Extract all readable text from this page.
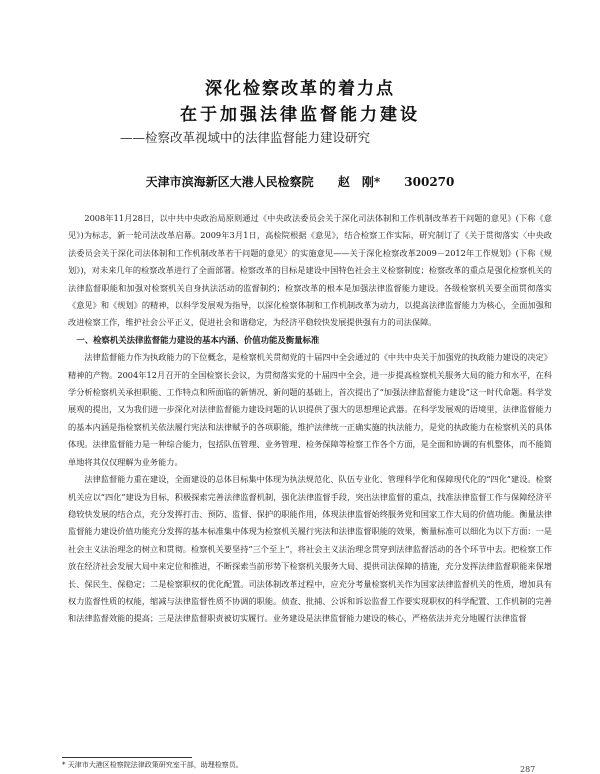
深化检察改革的着力点
在于加强法律监督能力建设
——检察改革视域中的法律监督能力建设研究
天津市滨海新区大港人民检察院 赵　刚* 300270

2008年11月28日，以中共中央政治局原则通过《中央政法委员会关于深化司法体制和工作机制改革若干问题的意见》(下称《意见》)为标志，新一轮司法改革启幕。2009年3月1日，高检院根据《意见》，结合检察工作实际，研究制订了《关于贯彻落实〈中央政法委员会关于深化司法体制和工作机制改革若干问题的意见〉的实施意见——关于深化检察改革2009－2012年工作规划》(下称《规划》)，对未来几年的检察改革进行了全面部署。检察改革的目标是建设中国特色社会主义检察制度；检察改革的重点是强化检察机关的法律监督职能和加强对检察机关自身执法活动的监督制约；检察改革的根本是加强法律监督能力建设。各级检察机关要全面贯彻落实《意见》和《规划》的精神，以科学发展观为指导，以深化检察体制和工作机制改革为动力，以提高法律监督能力为核心，全面加强和改进检察工作，维护社会公平正义，促进社会和谐稳定，为经济平稳较快发展提供强有力的司法保障。

一、检察机关法律监督能力建设的基本内涵、价值功能及衡量标准

法律监督能力作为执政能力的下位概念，是检察机关贯彻党的十届四中全会通过的《中共中央关于加强党的执政能力建设的决定》精神的产物。2004年12月召开的全国检察长会议，为贯彻落实党的十届四中全会，进一步提高检察机关服务大局的能力和水平，在科学分析检察机关承担职能、工作特点和所面临的新情况、新问题的基础上，首次提出了“加强法律监督能力建设”这一时代命题。科学发展观的提出，又为我们进一步深化对法律监督能力建设问题的认识提供了强大的思想理论武器。在科学发展观的语境里，法律监督能力的基本内涵是指检察机关依法履行宪法和法律赋予的各项职能，维护法律统一正确实施的执法能力，是党的执政能力在检察机关的具体体现。法律监督能力是一种综合能力，包括队伍管理、业务管理、检务保障等检察工作各个方面，是全面和协调的有机整体，而不能简单地将其仅仅理解为业务能力。

法律监督能力重在建设，全面建设的总体目标集中体现为执法规范化、队伍专业化、管理科学化和保障现代化的“四化”建设。检察机关应以“四化”建设为目标，积极探索完善法律监督机制，强化法律监督手段，突出法律监督的重点，找准法律监督工作与保障经济平稳较快发展的结合点，充分发挥打击、预防、监督、保护的职能作用，体现法律监督始终服务党和国家工作大局的价值功能。衡量法律监督能力建设价值功能充分发挥的基本标准集中体现为检察机关履行宪法和法律监督职能的效果，衡量标准可以细化为以下方面：一是社会主义法治理念的树立和贯彻。检察机关要坚持“三个至上”，将社会主义法治理念贯穿到法律监督活动的各个环节中去。把检察工作放在经济社会发展大局中来定位和推进，不断探索当前形势下检察机关服务大局、提供司法保障的措施，充分发挥法律监督职能来保增长、保民生、保稳定；二是检察职权的优化配置。司法体制改革过程中，应充分考量检察机关作为国家法律监督机关的性质，增加具有权力监督性质的权能，缩减与法律监督性质不协调的职能。侦查、批捕、公诉和诉讼监督工作要实现职权的科学配置、工作机制的完善和法律监督效能的提高；三是法律监督职责被切实履行。业务建设是法律监督能力建设的核心，严格依法并充分地履行法律监督

* 天津市大港区检察院法律政策研究室干部，助理检察员。	287
